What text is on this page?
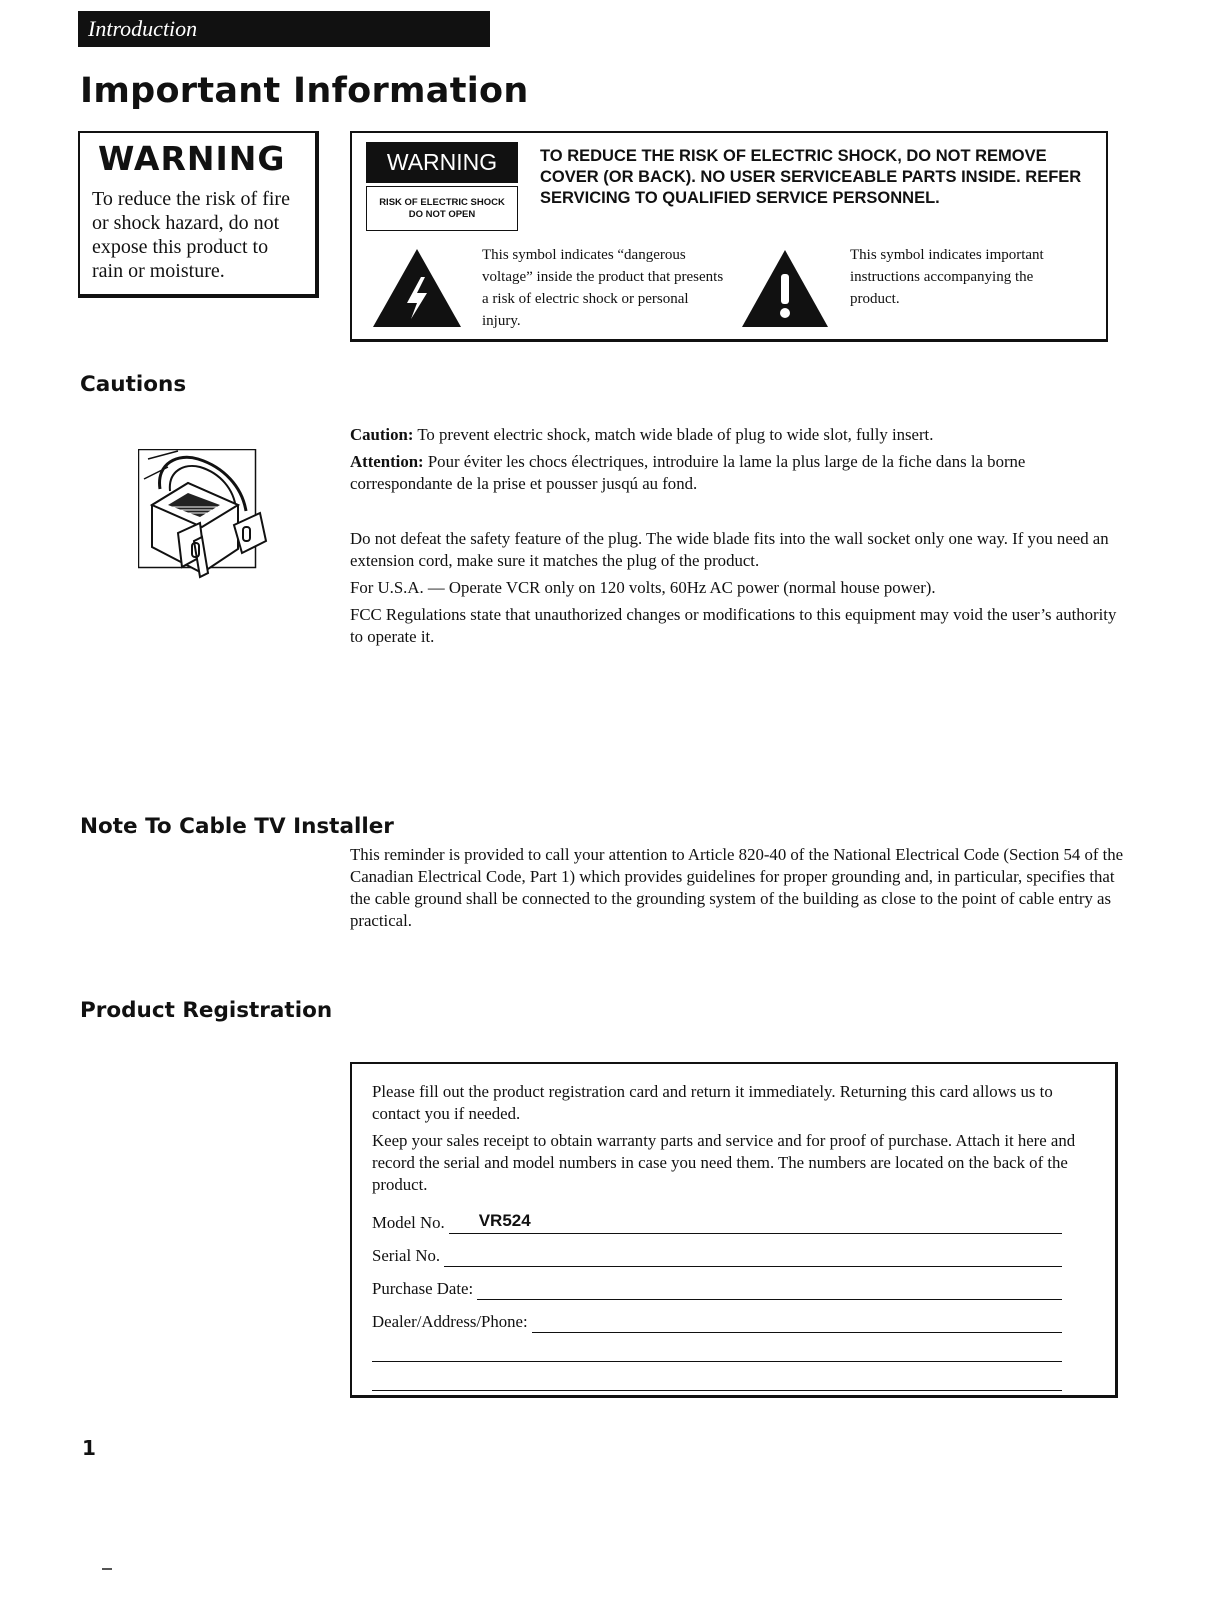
Introduction
Important Information
WARNING
To reduce the risk of fire or shock hazard, do not expose this product to rain or moisture.
WARNING
RISK OF ELECTRIC SHOCK
DO NOT OPEN
TO REDUCE THE RISK OF ELECTRIC SHOCK, DO NOT REMOVE COVER (OR BACK). NO USER SERVICEABLE PARTS INSIDE. REFER SERVICING TO QUALIFIED SERVICE PERSONNEL.
This symbol indicates “dangerous voltage” inside the product that presents a risk of electric shock or personal injury.
This symbol indicates important instructions accompanying the product.
Cautions

Caution: To prevent electric shock, match wide blade of plug to wide slot, fully insert.

Attention: Pour éviter les chocs électriques, introduire la lame la plus large de la fiche dans la borne correspondante de la prise et pousser jusqú au fond.

Do not defeat the safety feature of the plug. The wide blade fits into the wall socket only one way. If you need an extension cord, make sure it matches the plug of the product.

For U.S.A. — Operate VCR only on 120 volts, 60Hz AC power (normal house power).

FCC Regulations state that unauthorized changes or modifications to this equipment may void the user’s authority to operate it.

Note To Cable TV Installer
This reminder is provided to call your attention to Article 820-40 of the National Electrical Code (Section 54 of the Canadian Electrical Code, Part 1) which provides guidelines for proper grounding and, in particular, specifies that the cable ground shall be connected to the grounding system of the building as close to the point of cable entry as practical.
Product Registration

Please fill out the product registration card and return it immediately. Returning this card allows us to contact you if needed.

Keep your sales receipt to obtain warranty parts and service and for proof of purchase. Attach it here and record the serial and model numbers in case you need them. The numbers are located on the back of the product.

Model No. VR524
Serial No.
Purchase Date:
Dealer/Address/Phone:
1
